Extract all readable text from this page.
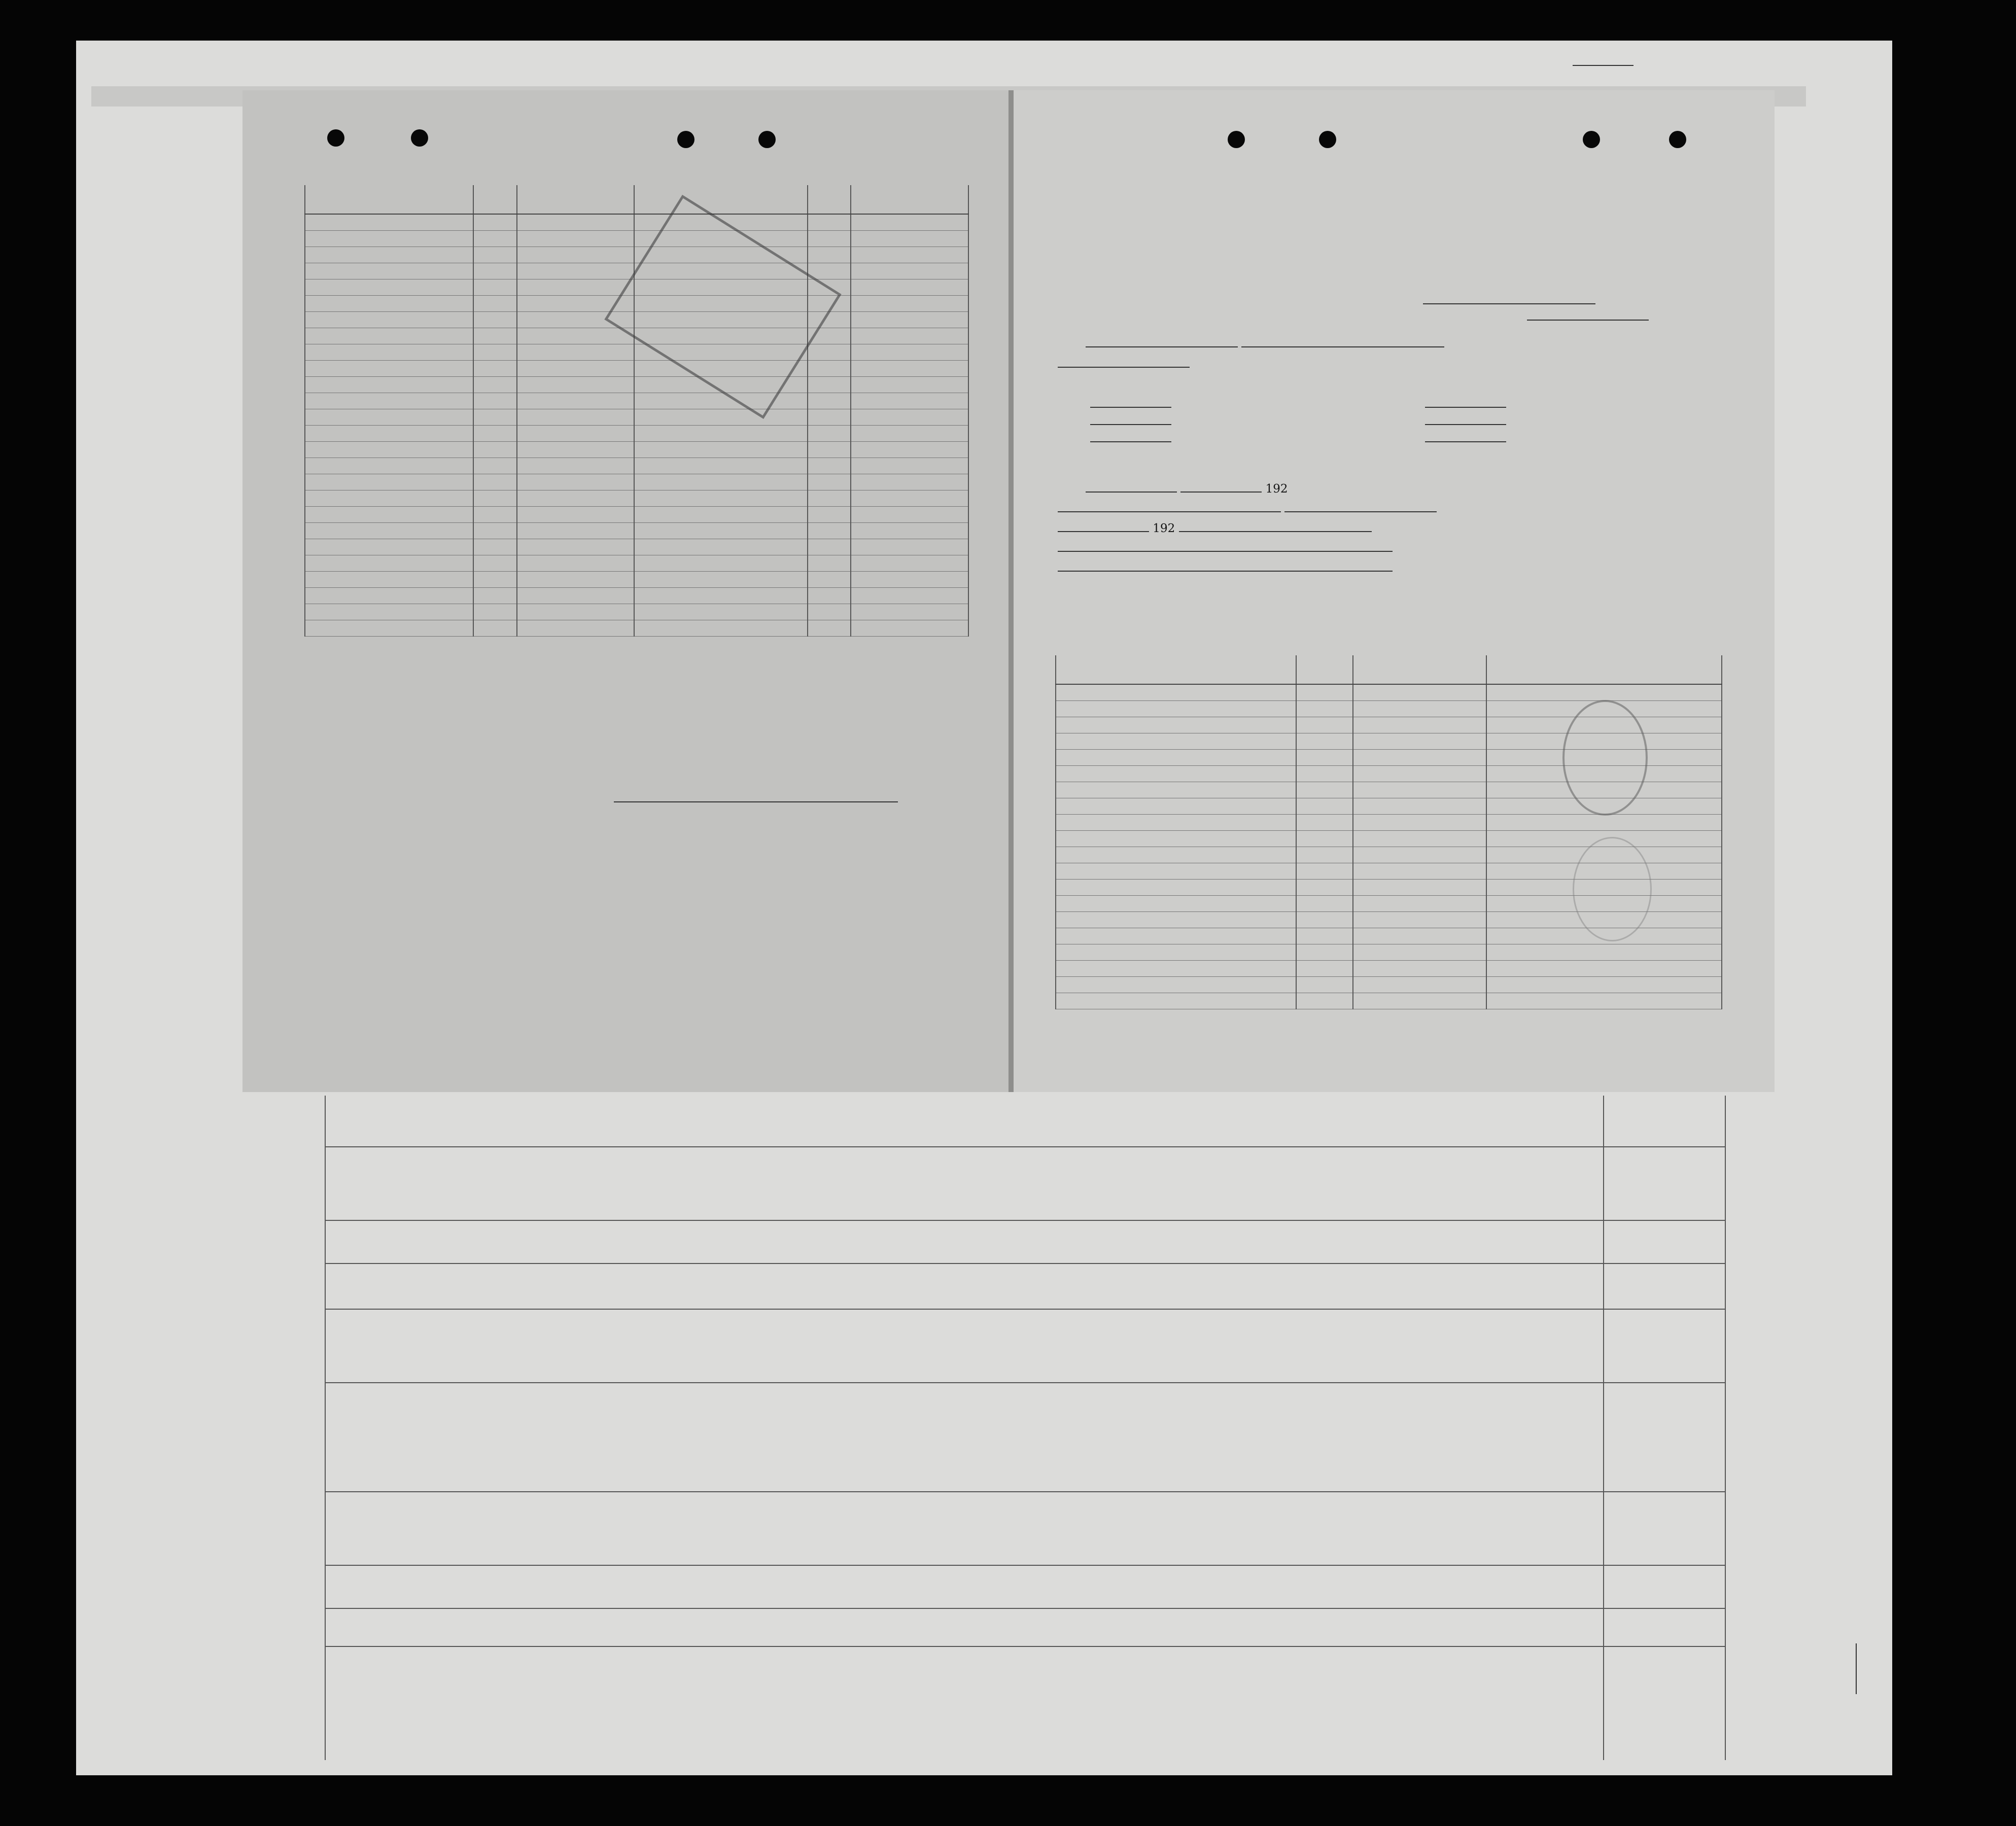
192

192
